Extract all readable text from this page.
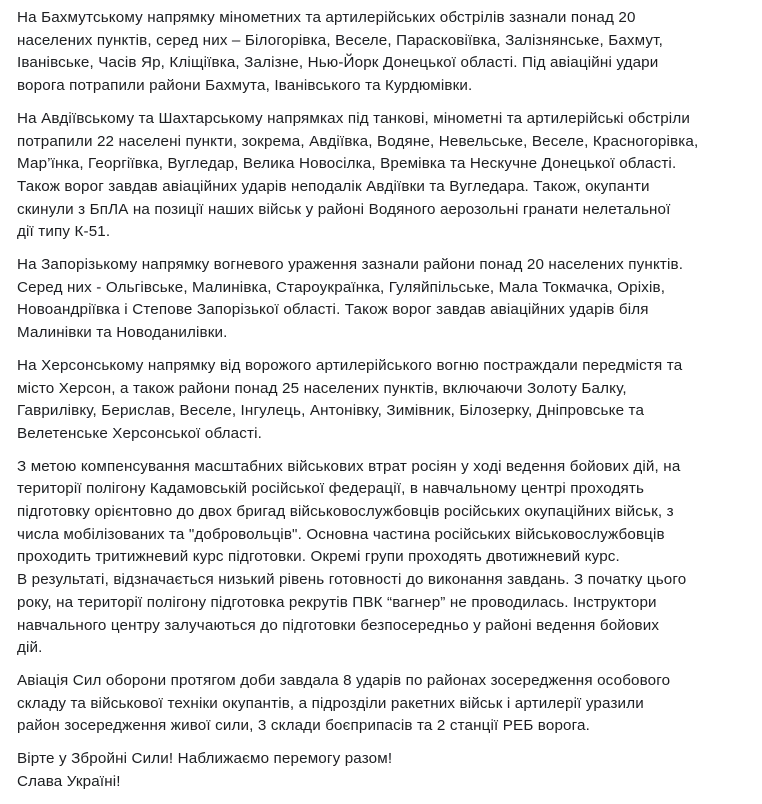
На Бахмутському напрямку мінометних та артилерійських обстрілів зазнали понад 20
населених пунктів, серед них – Білогорівка, Веселе, Парасковіївка, Залізнянське, Бахмут,
Іванівське, Часів Яр, Кліщіївка, Залізне, Нью-Йорк Донецької області. Під авіаційні удари
ворога потрапили райони Бахмута, Іванівського та Курдюмівки.

На Авдіївському та Шахтарському напрямках під танкові, мінометні та артилерійські обстріли
потрапили 22 населені пункти, зокрема, Авдіївка, Водяне, Невельське, Веселе, Красногорівка,
Мар’їнка, Георгіївка, Вугледар, Велика Новосілка, Времівка та Нескучне Донецької області.
Також ворог завдав авіаційних ударів неподалік Авдіївки та Вугледара. Також, окупанти
скинули з БпЛА на позиції наших військ у районі Водяного аерозольні гранати нелетальної
дії типу К-51.

На Запорізькому напрямку вогневого ураження зазнали райони понад 20 населених пунктів.
Серед них - Ольгівське, Малинівка, Староукраїнка, Гуляйпільське, Мала Токмачка, Оріхів,
Новоандріївка і Степове Запорізької області. Також ворог завдав авіаційних ударів біля
Малинівки та Новоданилівки.

На Херсонському напрямку від ворожого артилерійського вогню постраждали передмістя та
місто Херсон, а також райони понад 25 населених пунктів, включаючи Золоту Балку,
Гаврилівку, Берислав, Веселе, Інгулець, Антонівку, Зимівник, Білозерку, Дніпровське та
Велетенське Херсонської області.

З метою компенсування масштабних військових втрат росіян у ході ведення бойових дій, на
території полігону Кадамовській російської федерації, в навчальному центрі проходять
підготовку орієнтовно до двох бригад військовослужбовців російських окупаційних військ, з
числа мобілізованих та "добровольців". Основна частина російських військовослужбовців
проходить тритижневий курс підготовки. Окремі групи проходять двотижневий курс.
В результаті, відзначається низький рівень готовності до виконання завдань. З початку цього
року, на території полігону підготовка рекрутів ПВК “вагнер” не проводилась. Інструктори
навчального центру залучаються до підготовки безпосередньо у районі ведення бойових
дій.

Авіація Сил оборони протягом доби завдала 8 ударів по районах зосередження особового
складу та військової техніки окупантів, а підрозділи ракетних військ і артилерії уразили
район зосередження живої сили, 3 склади боєприпасів та 2 станції РЕБ ворога.

Вірте у Збройні Сили! Наближаємо перемогу разом!
Слава Україні!
